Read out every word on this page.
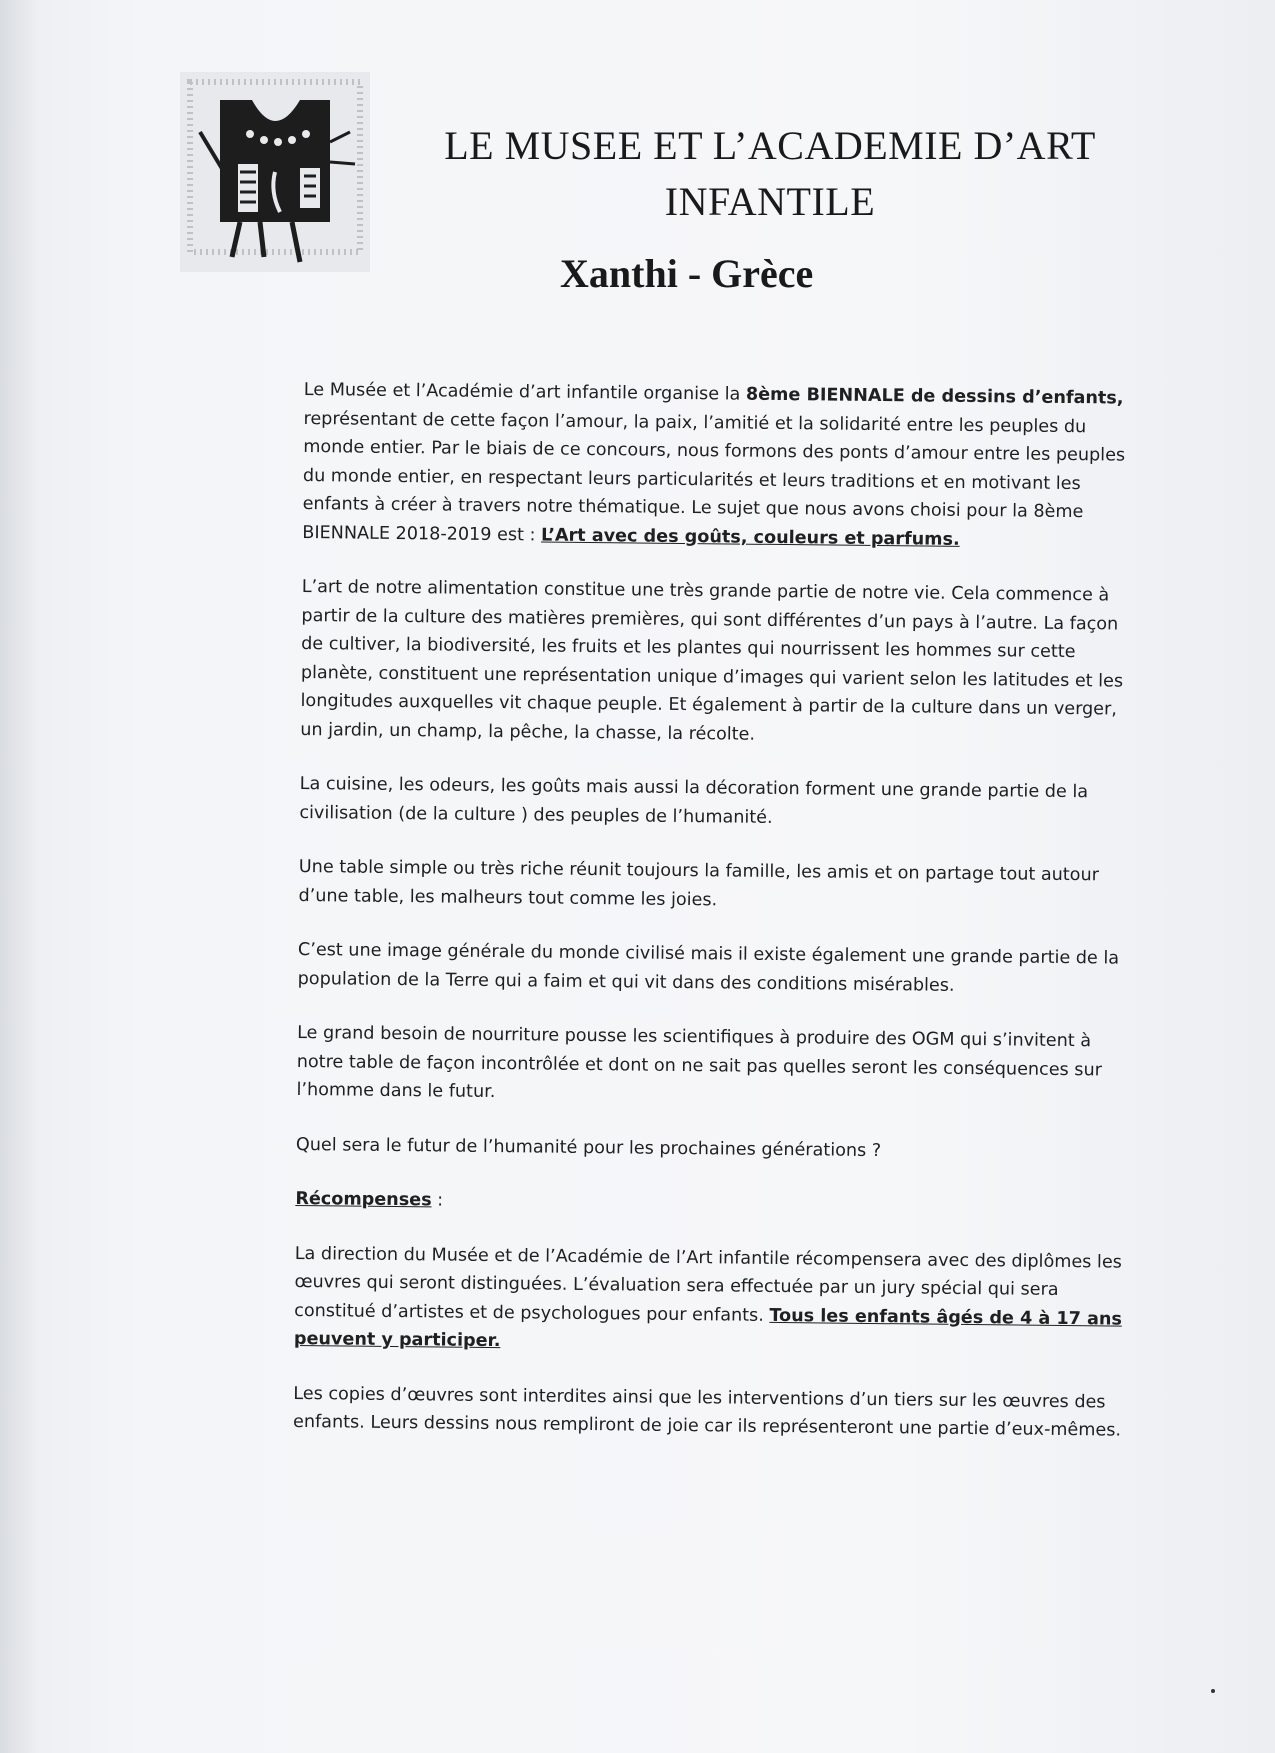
LE MUSEE ET L’ACADEMIE D’ART
INFANTILE
Xanthi - Grèce

Le Musée et l’Académie d’art infantile organise la 8ème BIENNALE de dessins d’enfants, représentant de cette façon l’amour, la paix, l’amitié et la solidarité entre les peuples du monde entier. Par le biais de ce concours, nous formons des ponts d’amour entre les peuples du monde entier, en respectant leurs particularités et leurs traditions et en motivant les enfants à créer à travers notre thématique. Le sujet que nous avons choisi pour la 8ème BIENNALE 2018-2019 est : L’Art avec des goûts, couleurs et parfums.

L’art de notre alimentation constitue une très grande partie de notre vie. Cela commence à partir de la culture des matières premières, qui sont différentes d’un pays à l’autre. La façon de cultiver, la biodiversité, les fruits et les plantes qui nourrissent les hommes sur cette planète, constituent une représentation unique d’images qui varient selon les latitudes et les longitudes auxquelles vit chaque peuple. Et également à partir de la culture dans un verger, un jardin, un champ, la pêche, la chasse, la récolte.

La cuisine, les odeurs, les goûts mais aussi la décoration forment une grande partie de la civilisation (de la culture ) des peuples de l’humanité.

Une table simple ou très riche réunit toujours la famille, les amis et on partage tout autour d’une table, les malheurs tout comme les joies.

C’est une image générale du monde civilisé mais il existe également une grande partie de la population de la Terre qui a faim et qui vit dans des conditions misérables.

Le grand besoin de nourriture pousse les scientifiques à produire des OGM qui s’invitent à notre table de façon incontrôlée et dont on ne sait pas quelles seront les conséquences sur l’homme dans le futur.

Quel sera le futur de l’humanité pour les prochaines générations ?

Récompenses :

La direction du Musée et de l’Académie de l’Art infantile récompensera avec des diplômes les œuvres qui seront distinguées. L’évaluation sera effectuée par un jury spécial qui sera constitué d’artistes et de psychologues pour enfants. Tous les enfants âgés de 4 à 17 ans peuvent y participer.

Les copies d’œuvres sont interdites ainsi que les interventions d’un tiers sur les œuvres des enfants. Leurs dessins nous rempliront de joie car ils représenteront une partie d’eux-mêmes.
